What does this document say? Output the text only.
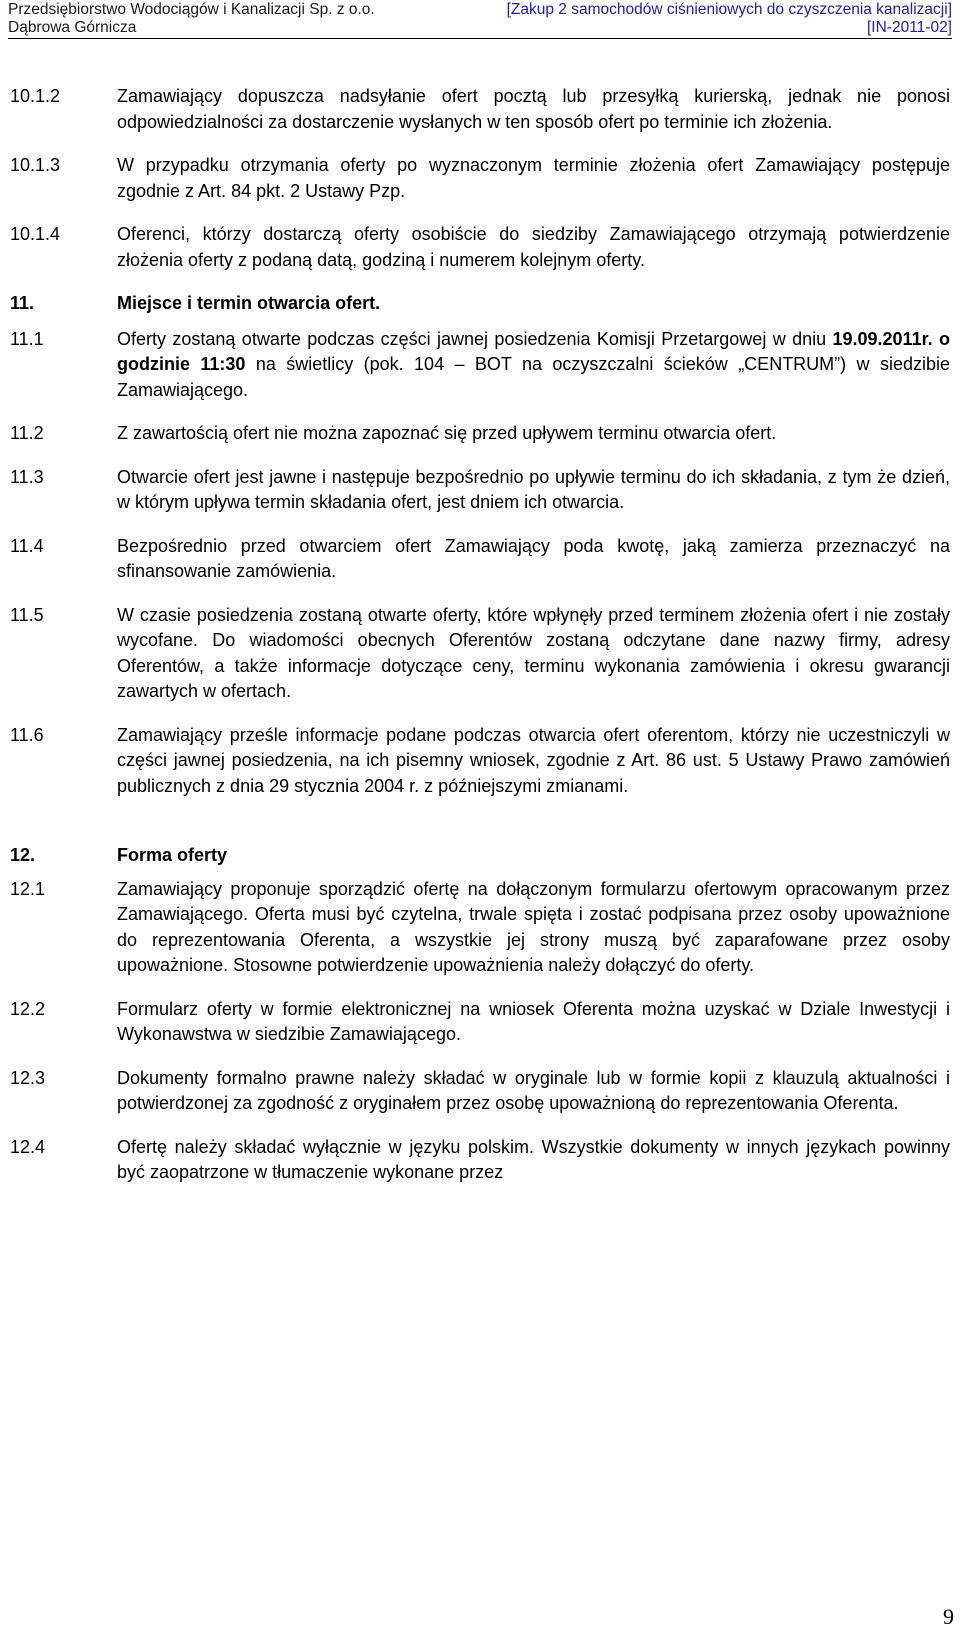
Przedsiębiorstwo Wodociągów i Kanalizacji Sp. z o.o.
Dąbrowa Górnicza
[Zakup 2 samochodów ciśnieniowych do czyszczenia kanalizacji]
[IN-2011-02]
10.1.2	Zamawiający dopuszcza nadsyłanie ofert pocztą lub przesyłką kurierską, jednak nie ponosi odpowiedzialności za dostarczenie wysłanych w ten sposób ofert po terminie ich złożenia.
10.1.3	W przypadku otrzymania oferty po wyznaczonym terminie złożenia ofert Zamawiający postępuje zgodnie z Art. 84 pkt. 2 Ustawy Pzp.
10.1.4	Oferenci, którzy dostarczą oferty osobiście do siedziby Zamawiającego otrzymają potwierdzenie złożenia oferty z podaną datą, godziną i numerem kolejnym oferty.
11.	Miejsce i termin otwarcia ofert.
11.1	Oferty zostaną otwarte podczas części jawnej posiedzenia Komisji Przetargowej w dniu 19.09.2011r. o godzinie 11:30 na świetlicy (pok. 104 – BOT na oczyszczalni ścieków „CENTRUM”) w siedzibie Zamawiającego.
11.2	Z zawartością ofert nie można zapoznać się przed upływem terminu otwarcia ofert.
11.3	Otwarcie ofert jest jawne i następuje bezpośrednio po upływie terminu do ich składania, z tym że dzień, w którym upływa termin składania ofert, jest dniem ich otwarcia.
11.4	Bezpośrednio przed otwarciem ofert Zamawiający poda kwotę, jaką zamierza przeznaczyć na sfinansowanie zamówienia.
11.5	W czasie posiedzenia zostaną otwarte oferty, które wpłynęły przed terminem złożenia ofert i nie zostały wycofane. Do wiadomości obecnych Oferentów zostaną odczytane dane nazwy firmy, adresy Oferentów, a także informacje dotyczące ceny, terminu wykonania zamówienia i okresu gwarancji zawartych w ofertach.
11.6	Zamawiający prześle informacje podane podczas otwarcia ofert oferentom, którzy nie uczestniczyli w części jawnej posiedzenia, na ich pisemny wniosek, zgodnie z Art. 86 ust. 5 Ustawy Prawo zamówień publicznych z dnia 29 stycznia 2004 r. z późniejszymi zmianami.
12.	Forma oferty
12.1	Zamawiający proponuje sporządzić ofertę na dołączonym formularzu ofertowym opracowanym przez Zamawiającego. Oferta musi być czytelna, trwale spięta i zostać podpisana przez osoby upoważnione do reprezentowania Oferenta, a wszystkie jej strony muszą być zaparafowane przez osoby upoważnione. Stosowne potwierdzenie upoważnienia należy dołączyć do oferty.
12.2	Formularz oferty w formie elektronicznej na wniosek Oferenta można uzyskać w Dziale Inwestycji i Wykonawstwa w siedzibie Zamawiającego.
12.3	Dokumenty formalno prawne należy składać w oryginale lub w formie kopii z klauzulą aktualności i potwierdzonej za zgodność z oryginałem przez osobę upoważnioną do reprezentowania Oferenta.
12.4	Ofertę należy składać wyłącznie w języku polskim. Wszystkie dokumenty w innych językach powinny być zaopatrzone w tłumaczenie wykonane przez
9
